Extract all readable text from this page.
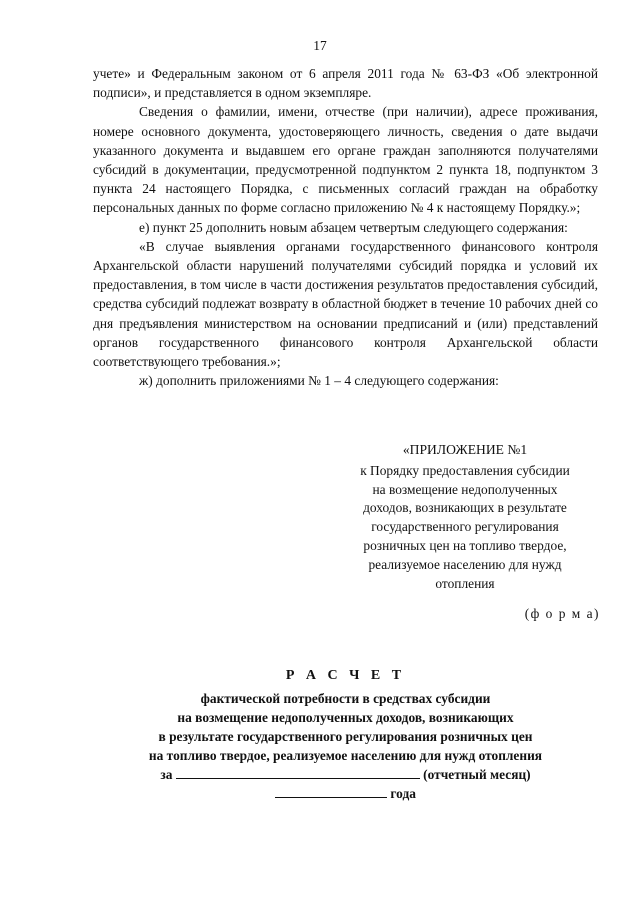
17

учете» и Федеральным законом от 6 апреля 2011 года № 63-ФЗ «Об электронной подписи», и представляется в одном экземпляре.

Сведения о фамилии, имени, отчестве (при наличии), адресе проживания, номере основного документа, удостоверяющего личность, сведения о дате выдачи указанного документа и выдавшем его органе граждан заполняются получателями субсидий в документации, предусмотренной подпунктом 2 пункта 18, подпунктом 3 пункта 24 настоящего Порядка, с письменных согласий граждан на обработку персональных данных по форме согласно приложению № 4 к настоящему Порядку.»;

е) пункт 25 дополнить новым абзацем четвертым следующего содержания:

«В случае выявления органами государственного финансового контроля Архангельской области нарушений получателями субсидий порядка и условий их предоставления, в том числе в части достижения результатов предоставления субсидий, средства субсидий подлежат возврату в областной бюджет в течение 10 рабочих дней со дня предъявления министерством на основании предписаний и (или) представлений органов государственного финансового контроля Архангельской области соответствующего требования.»;

ж) дополнить приложениями № 1 – 4 следующего содержания:

«ПРИЛОЖЕНИЕ №1

к Порядку предоставления субсидии

на возмещение недополученных

доходов, возникающих в результате

государственного регулирования

розничных цен на топливо твердое,

реализуемое населению для нужд

отопления

(ф о р м а)

Р А С Ч Е Т

фактической потребности в средствах субсидии

на возмещение недополученных доходов, возникающих

в результате государственного регулирования розничных цен

на топливо твердое, реализуемое населению для нужд отопления

за	(отчетный месяц)

года
